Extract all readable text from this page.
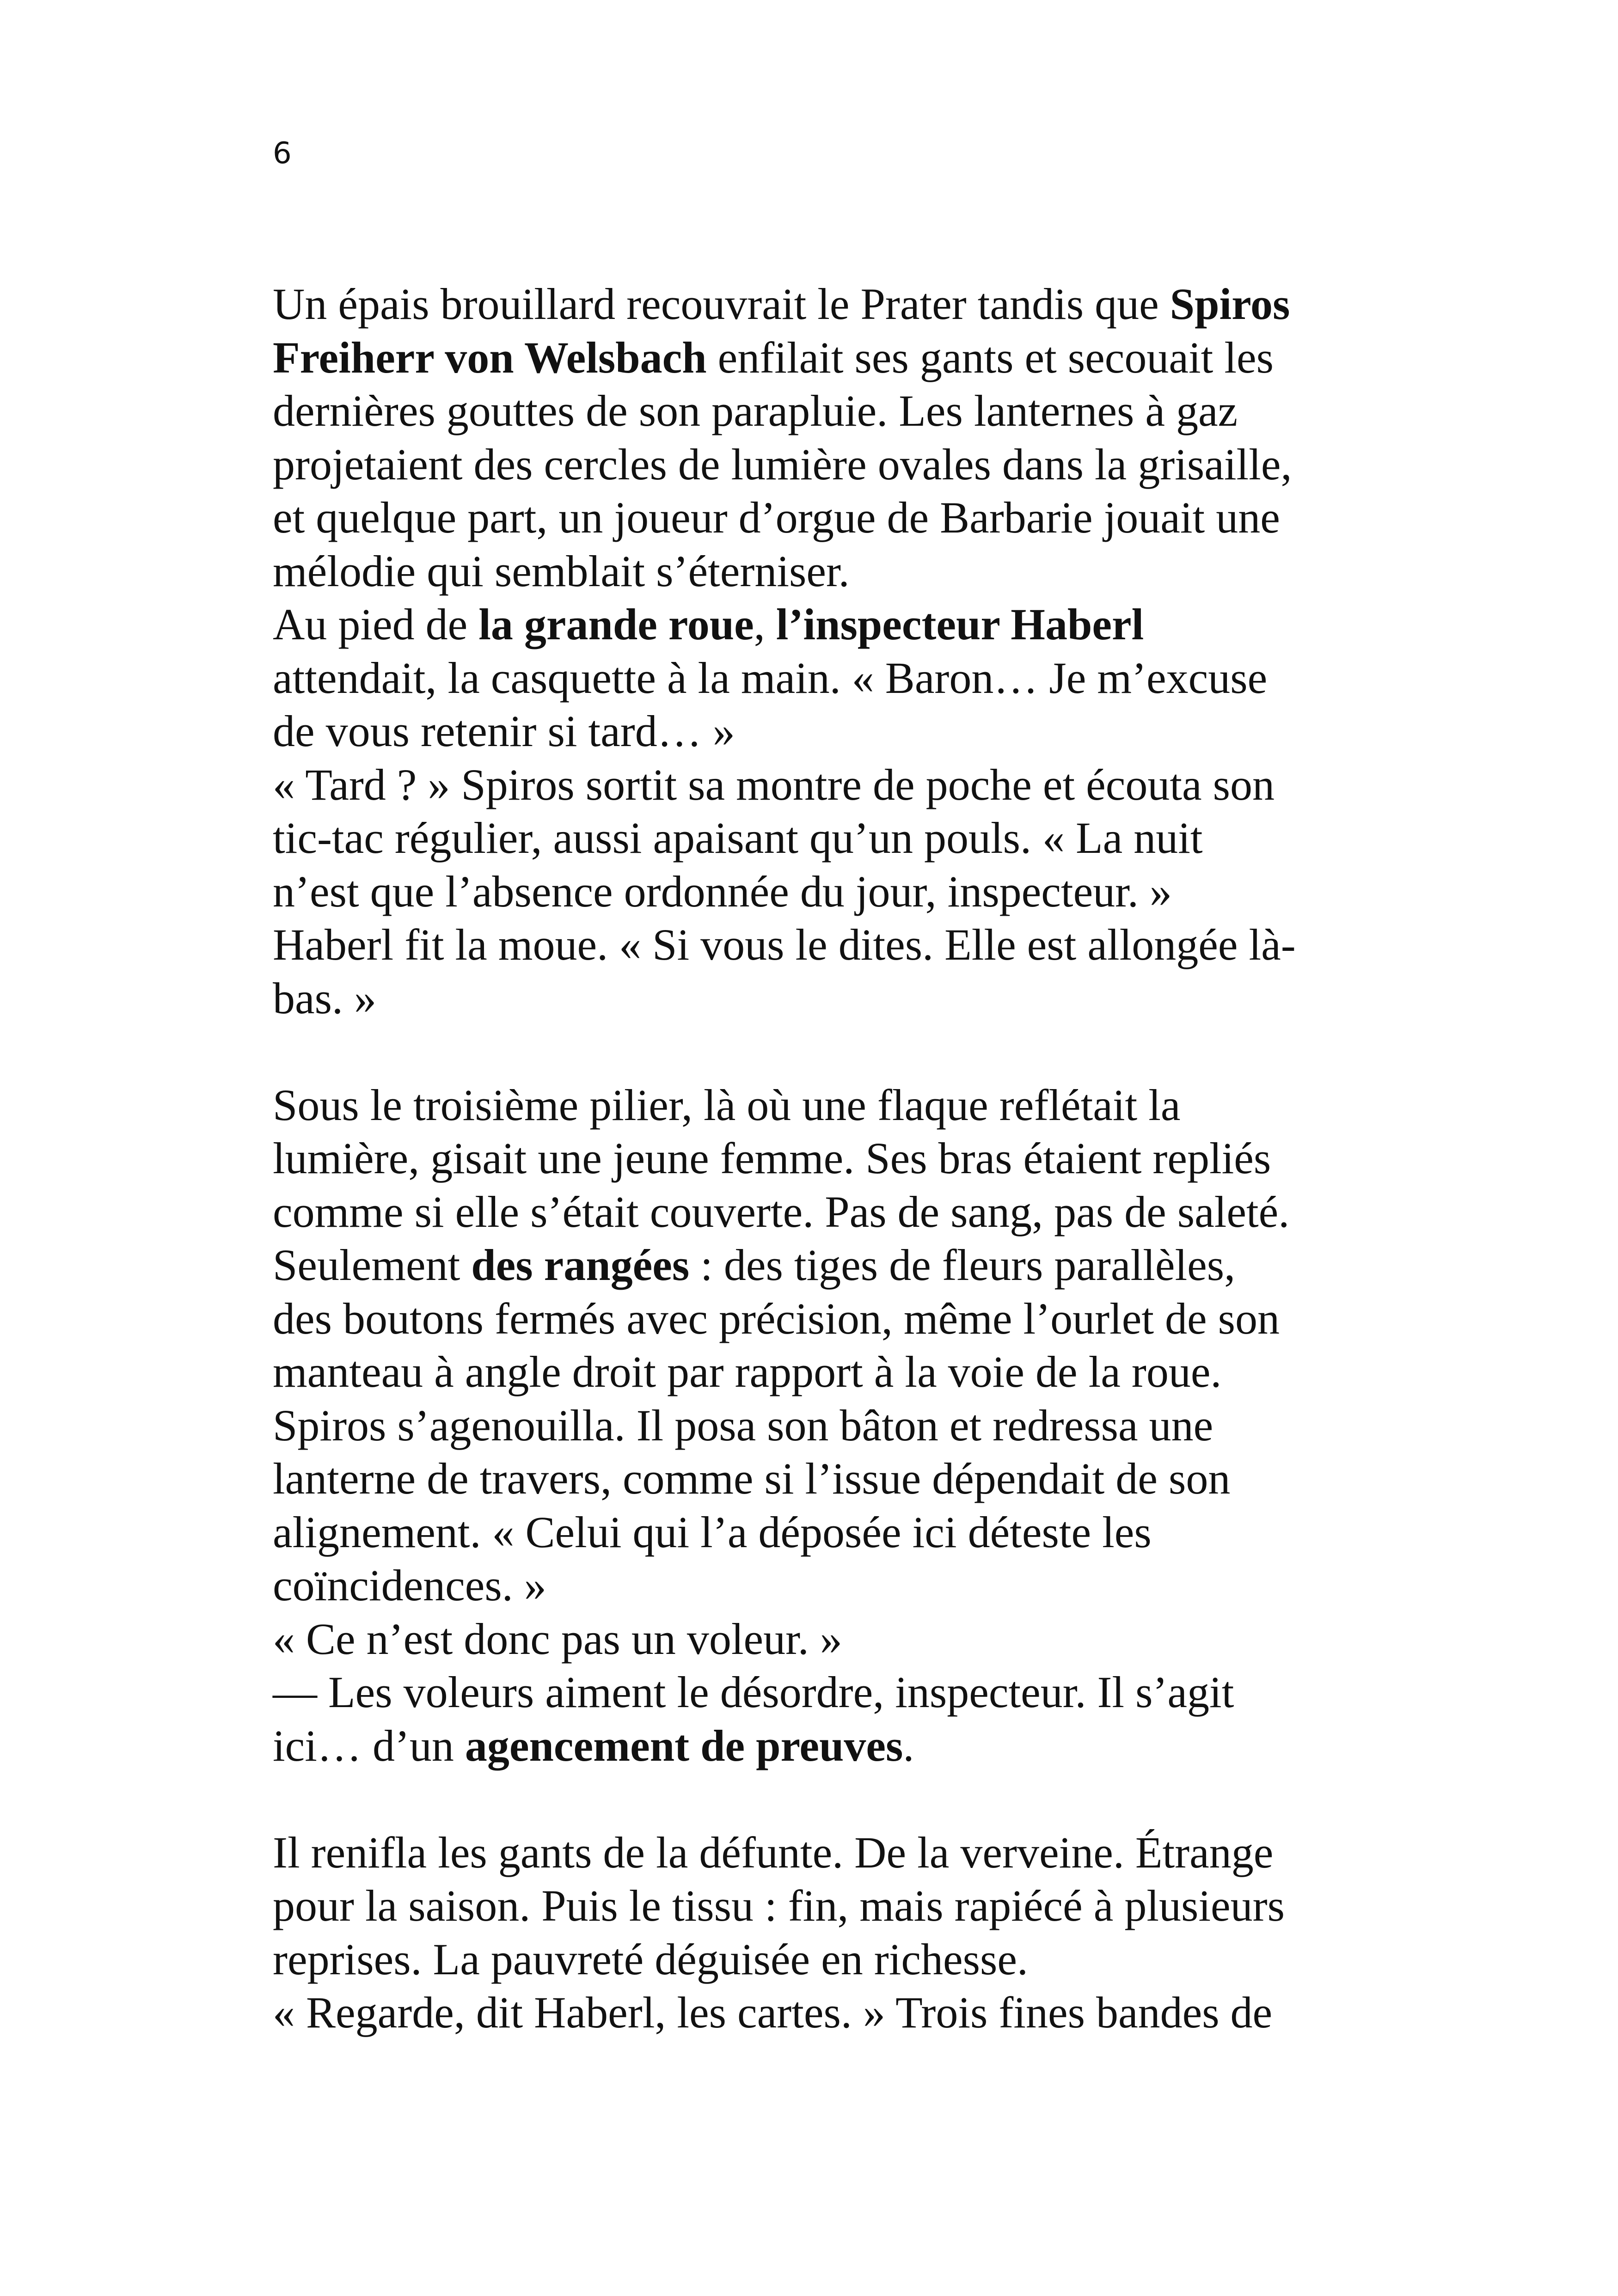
6
Un épais brouillard recouvrait le Prater tandis que Spiros
Freiherr von Welsbach enfilait ses gants et secouait les
dernières gouttes de son parapluie. Les lanternes à gaz
projetaient des cercles de lumière ovales dans la grisaille,
et quelque part, un joueur d’orgue de Barbarie jouait une
mélodie qui semblait s’éterniser.
Au pied de la grande roue, l’inspecteur Haberl
attendait, la casquette à la main. « Baron… Je m’excuse
de vous retenir si tard… »
« Tard ? » Spiros sortit sa montre de poche et écouta son
tic-tac régulier, aussi apaisant qu’un pouls. « La nuit
n’est que l’absence ordonnée du jour, inspecteur. »
Haberl fit la moue. « Si vous le dites. Elle est allongée là-
bas. »
Sous le troisième pilier, là où une flaque reflétait la
lumière, gisait une jeune femme. Ses bras étaient repliés
comme si elle s’était couverte. Pas de sang, pas de saleté.
Seulement des rangées : des tiges de fleurs parallèles,
des boutons fermés avec précision, même l’ourlet de son
manteau à angle droit par rapport à la voie de la roue.
Spiros s’agenouilla. Il posa son bâton et redressa une
lanterne de travers, comme si l’issue dépendait de son
alignement. « Celui qui l’a déposée ici déteste les
coïncidences. »
« Ce n’est donc pas un voleur. »
— Les voleurs aiment le désordre, inspecteur. Il s’agit
ici… d’un agencement de preuves.
Il renifla les gants de la défunte. De la verveine. Étrange
pour la saison. Puis le tissu : fin, mais rapiécé à plusieurs
reprises. La pauvreté déguisée en richesse.
« Regarde, dit Haberl, les cartes. » Trois fines bandes de
